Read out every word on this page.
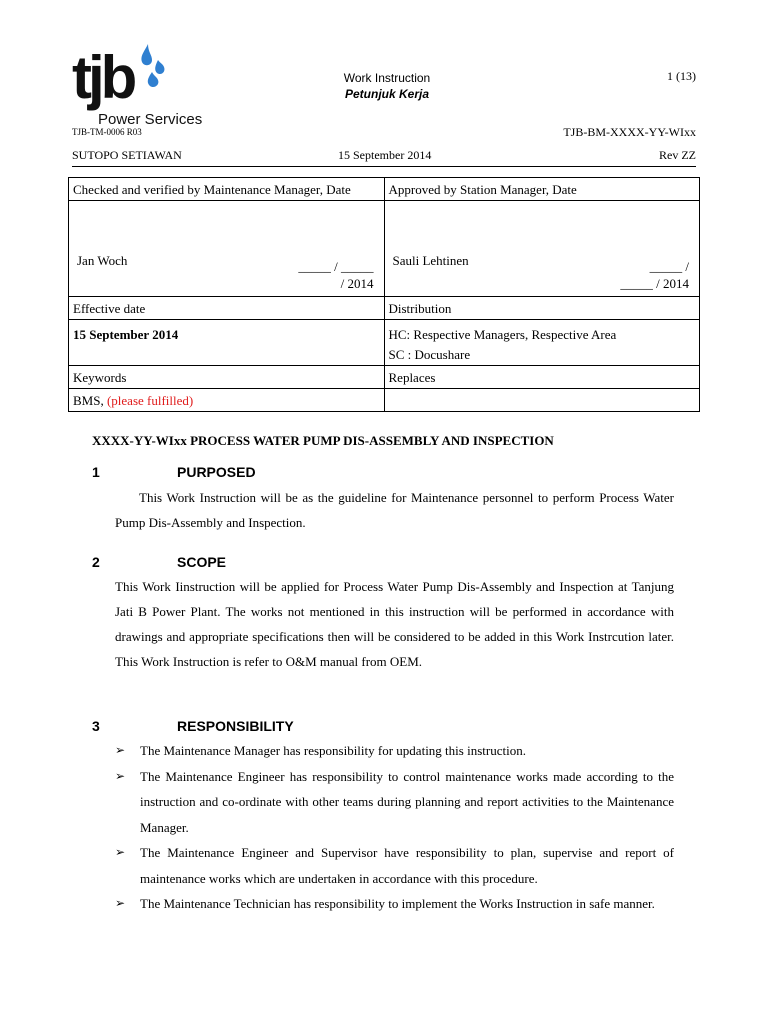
tjb
Power Services
TJB-TM-0006 R03
Work Instruction
Petunjuk Kerja
1 (13)
TJB-BM-XXXX-YY-WIxx
SUTOPO SETIAWAN	15 September 2014	Rev ZZ
Checked and verified by Maintenance Manager, Date	Approved by Station Manager, Date

Jan Woch _____ / _____
/ 2014	Sauli Lehtinen _____ /
_____ / 2014

Effective date	Distribution
15 September 2014	HC: Respective Managers, Respective Area
SC : Docushare

Keywords	Replaces
BMS, (please fulfilled)	
XXXX-YY-WIxx PROCESS WATER PUMP DIS-ASSEMBLY AND INSPECTION
1	PURPOSED
This Work Instruction will be as the guideline for Maintenance personnel to perform Process Water Pump Dis-Assembly and Inspection.
2	SCOPE
This Work Iinstruction will be applied for Process Water Pump Dis-Assembly and Inspection at Tanjung Jati B Power Plant. The works not mentioned in this instruction will be performed in accordance with drawings and appropriate specifications then will be considered to be added in this Work Instrcution later. This Work Instruction is refer to O&M manual from OEM.
3	RESPONSIBILITY
➢ The Maintenance Manager has responsibility for updating this instruction.
➢ The Maintenance Engineer has responsibility to control maintenance works made according to the instruction and co-ordinate with other teams during planning and report activities to the Maintenance Manager.
➢ The Maintenance Engineer and Supervisor have responsibility to plan, supervise and report of maintenance works which are undertaken in accordance with this procedure.
➢ The Maintenance Technician has responsibility to implement the Works Instruction in safe manner.
